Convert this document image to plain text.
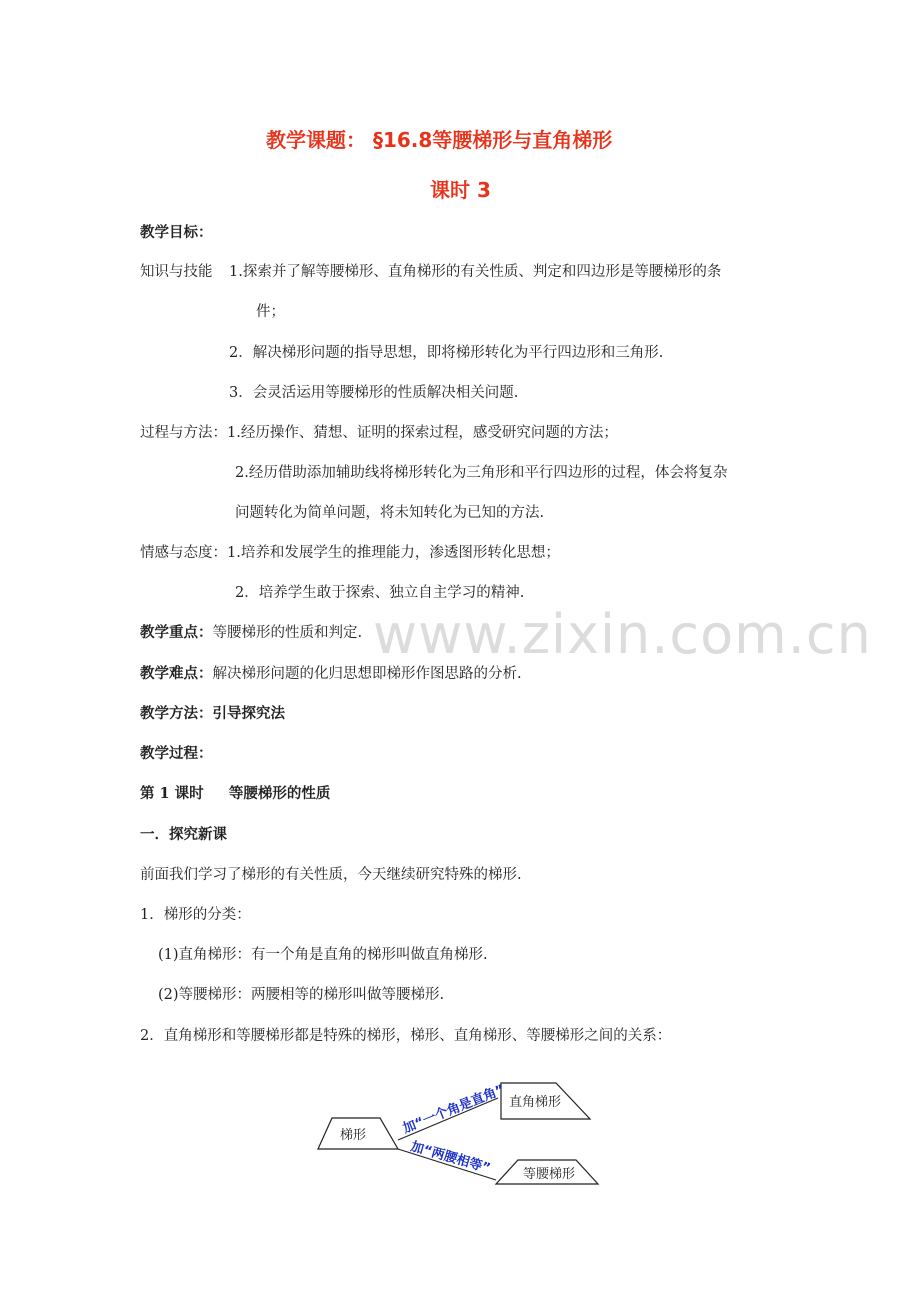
www.zixin.com.cn
教学课题： §16.8等腰梯形与直角梯形
课时 3
教学目标：
知识与技能 1.探索并了解等腰梯形、直角梯形的有关性质、判定和四边形是等腰梯形的条
件；
2．解决梯形问题的指导思想，即将梯形转化为平行四边形和三角形.
3．会灵活运用等腰梯形的性质解决相关问题.
过程与方法：1.经历操作、猜想、证明的探索过程，感受研究问题的方法；
2.经历借助添加辅助线将梯形转化为三角形和平行四边形的过程，体会将复杂
问题转化为简单问题，将未知转化为已知的方法.
情感与态度：1.培养和发展学生的推理能力，渗透图形转化思想；
2．培养学生敢于探索、独立自主学习的精神.
教学重点：等腰梯形的性质和判定.
教学难点：解决梯形问题的化归思想即梯形作图思路的分析.
教学方法：引导探究法
教学过程：
第 1 课时     等腰梯形的性质
一．探究新课
前面我们学习了梯形的有关性质，今天继续研究特殊的梯形.
1．梯形的分类：
(1)直角梯形：有一个角是直角的梯形叫做直角梯形.
(2)等腰梯形：两腰相等的梯形叫做等腰梯形.
2．直角梯形和等腰梯形都是特殊的梯形，梯形、直角梯形、等腰梯形之间的关系：
梯形
直角梯形
等腰梯形
加“一个角是直角”
加“两腰相等”
